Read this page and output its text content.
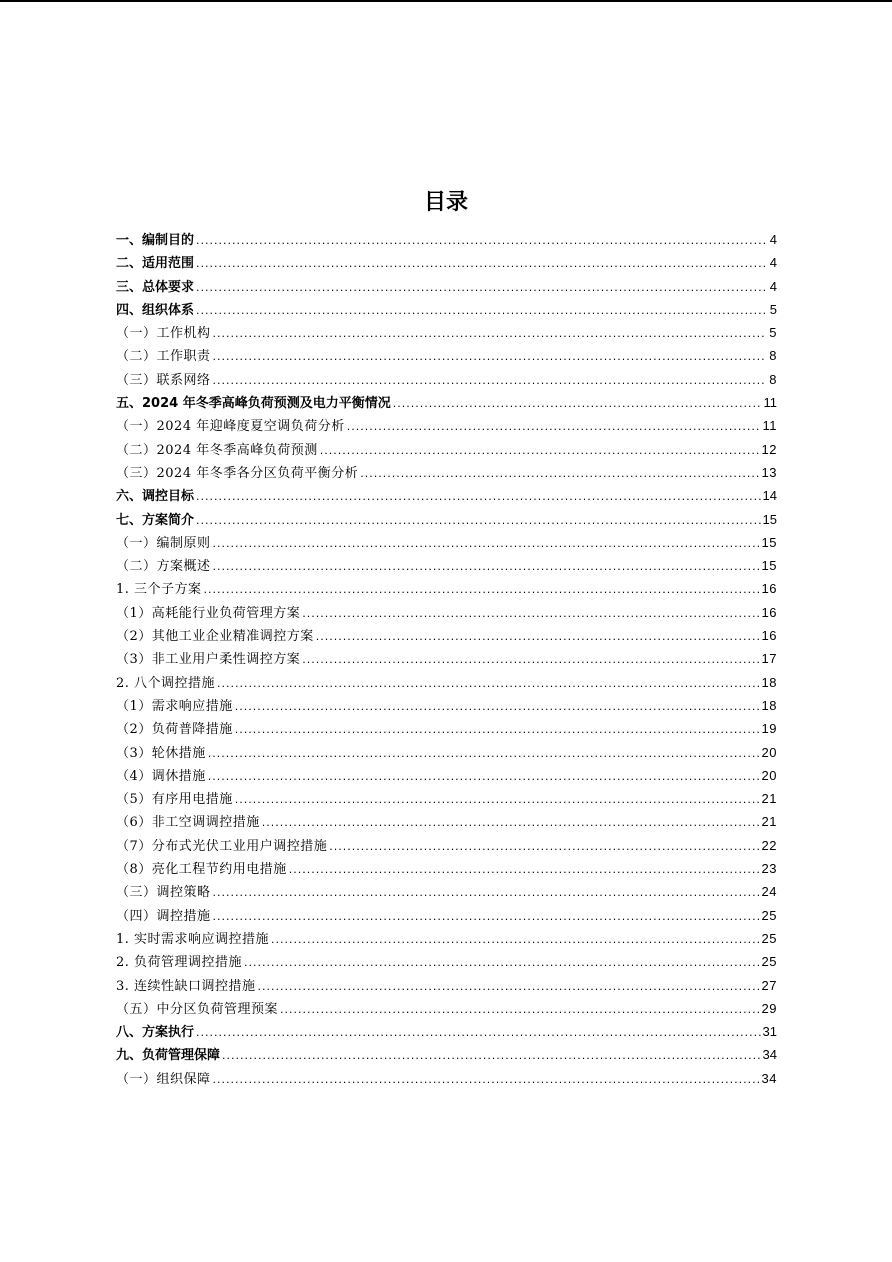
目录
一、编制目的 .....	4
二、适用范围 .....	4
三、总体要求 .....	4
四、组织体系 .....	5
（一）工作机构 .....	5
（二）工作职责 .....	8
（三）联系网络 .....	8
五、2024 年冬季高峰负荷预测及电力平衡情况 .....	11
（一）2024 年迎峰度夏空调负荷分析 .....	11
（二）2024 年冬季高峰负荷预测 .....	12
（三）2024 年冬季各分区负荷平衡分析 .....	13
六、调控目标 .....	14
七、方案简介 .....	15
（一）编制原则 .....	15
（二）方案概述 .....	15
1. 三个子方案 .....	16
（1）高耗能行业负荷管理方案 .....	16
（2）其他工业企业精准调控方案 .....	16
（3）非工业用户柔性调控方案 .....	17
2. 八个调控措施 .....	18
（1）需求响应措施 .....	18
（2）负荷普降措施 .....	19
（3）轮休措施 .....	20
（4）调休措施 .....	20
（5）有序用电措施 .....	21
（6）非工空调调控措施 .....	21
（7）分布式光伏工业用户调控措施 .....	22
（8）亮化工程节约用电措施 .....	23
（三）调控策略 .....	24
（四）调控措施 .....	25
1. 实时需求响应调控措施 .....	25
2. 负荷管理调控措施 .....	25
3. 连续性缺口调控措施 .....	27
（五）中分区负荷管理预案 .....	29
八、方案执行 .....	31
九、负荷管理保障 .....	34
（一）组织保障 .....	34
